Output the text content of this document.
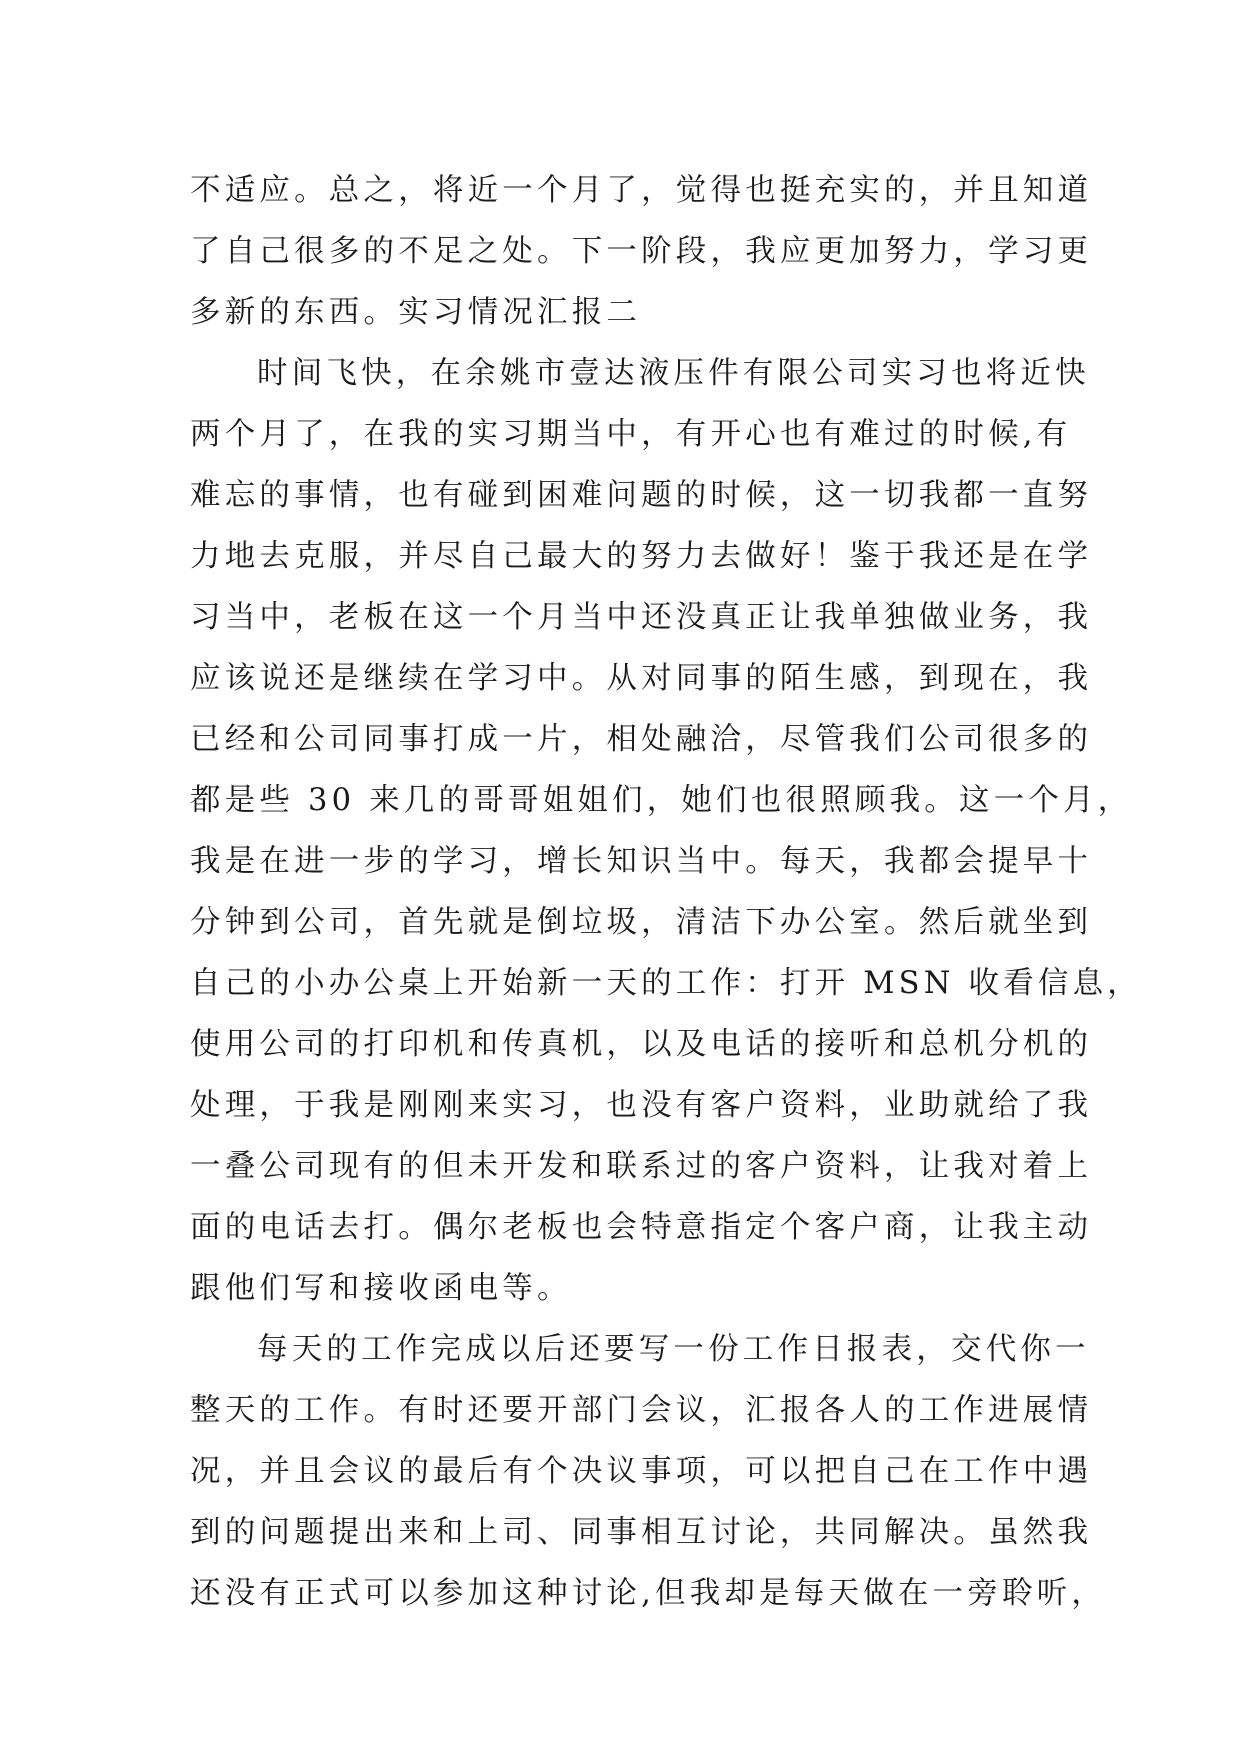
不适应。总之，将近一个月了，觉得也挺充实的，并且知道
了自己很多的不足之处。下一阶段，我应更加努力，学习更
多新的东西。实习情况汇报二
时间飞快，在余姚市壹达液压件有限公司实习也将近快
两个月了，在我的实习期当中，有开心也有难过的时候,有
难忘的事情，也有碰到困难问题的时候，这一切我都一直努
力地去克服，并尽自己最大的努力去做好！鉴于我还是在学
习当中，老板在这一个月当中还没真正让我单独做业务，我
应该说还是继续在学习中。从对同事的陌生感，到现在，我
已经和公司同事打成一片，相处融洽，尽管我们公司很多的
都是些 30 来几的哥哥姐姐们，她们也很照顾我。这一个月，
我是在进一步的学习，增长知识当中。每天，我都会提早十
分钟到公司，首先就是倒垃圾，清洁下办公室。然后就坐到
自己的小办公桌上开始新一天的工作：打开 MSN 收看信息，
使用公司的打印机和传真机，以及电话的接听和总机分机的
处理，于我是刚刚来实习，也没有客户资料，业助就给了我
一叠公司现有的但未开发和联系过的客户资料，让我对着上
面的电话去打。偶尔老板也会特意指定个客户商，让我主动
跟他们写和接收函电等。
每天的工作完成以后还要写一份工作日报表，交代你一
整天的工作。有时还要开部门会议，汇报各人的工作进展情
况，并且会议的最后有个决议事项，可以把自己在工作中遇
到的问题提出来和上司、同事相互讨论，共同解决。虽然我
还没有正式可以参加这种讨论,但我却是每天做在一旁聆听，
